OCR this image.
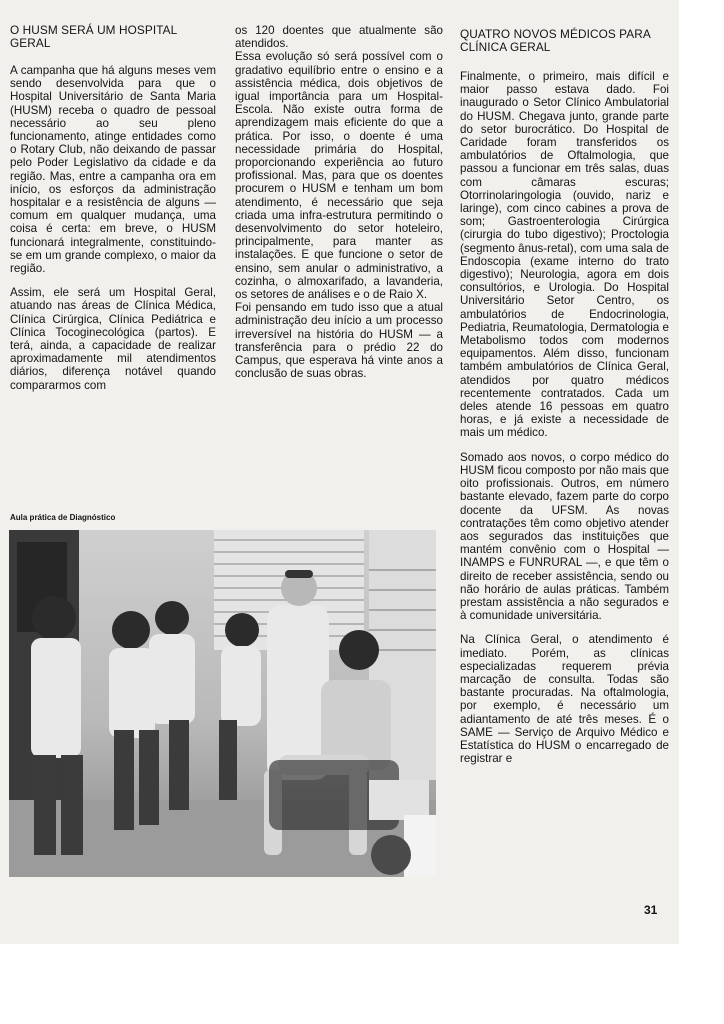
O HUSM SERÁ UM HOSPITAL GERAL

A campanha que há alguns meses vem sendo desenvolvida para que o Hospital Universitário de Santa Maria (HUSM) receba o quadro de pessoal necessário ao seu pleno funcionamento, atinge entidades como o Rotary Club, não deixando de passar pelo Poder Legislativo da cidade e da região. Mas, entre a campanha ora em início, os esforços da administração hospitalar e a resistência de alguns — comum em qualquer mudança, uma coisa é certa: em breve, o HUSM funcionará integralmente, constituindo-se em um grande complexo, o maior da região.

Assim, ele será um Hospital Geral, atuando nas áreas de Clínica Médica, Clínica Cirúrgica, Clínica Pediátrica e Clínica Tocoginecológica (partos). E terá, ainda, a capacidade de realizar aproximadamente mil atendimentos diários, diferença notável quando compararmos com

os 120 doentes que atualmente são atendidos.

Essa evolução só será possível com o gradativo equilíbrio entre o ensino e a assistência médica, dois objetivos de igual importância para um Hospital-Escola. Não existe outra forma de aprendizagem mais eficiente do que a prática. Por isso, o doente é uma necessidade primária do Hospital, proporcionando experiência ao futuro profissional. Mas, para que os doentes procurem o HUSM e tenham um bom atendimento, é necessário que seja criada uma infra-estrutura permitindo o desenvolvimento do setor hoteleiro, principalmente, para manter as instalações. E que funcione o setor de ensino, sem anular o administrativo, a cozinha, o almoxarifado, a lavanderia, os setores de análises e o de Raio X.

Foi pensando em tudo isso que a atual administração deu início a um processo irreversível na história do HUSM — a transferência para o prédio 22 do Campus, que esperava há vinte anos a conclusão de suas obras.

QUATRO NOVOS MÉDICOS PARA CLÍNICA GERAL

Finalmente, o primeiro, mais difícil e maior passo estava dado. Foi inaugurado o Setor Clínico Ambulatorial do HUSM. Chegava junto, grande parte do setor burocrático. Do Hospital de Caridade foram transferidos os ambulatórios de Oftalmologia, que passou a funcionar em três salas, duas com câmaras escuras; Otorrinolaringologia (ouvido, nariz e laringe), com cinco cabines a prova de som; Gastroenterologia Cirúrgica (cirurgia do tubo digestivo); Proctologia (segmento ânus-retal), com uma sala de Endoscopia (exame interno do trato digestivo); Neurologia, agora em dois consultórios, e Urologia. Do Hospital Universitário Setor Centro, os ambulatórios de Endocrinologia, Pediatria, Reumatologia, Dermatologia e Metabolismo todos com modernos equipamentos. Além disso, funcionam também ambulatórios de Clínica Geral, atendidos por quatro médicos recentemente contratados. Cada um deles atende 16 pessoas em quatro horas, e já existe a necessidade de mais um médico.

Somado aos novos, o corpo médico do HUSM ficou composto por não mais que oito profissionais. Outros, em número bastante elevado, fazem parte do corpo docente da UFSM. As novas contratações têm como objetivo atender aos segurados das instituições que mantém convênio com o Hospital — INAMPS e FUNRURAL —, e que têm o direito de receber assistência, sendo ou não horário de aulas práticas. Também prestam assistência a não segurados e à comunidade universitária.

Na Clínica Geral, o atendimento é imediato. Porém, as clínicas especializadas requerem prévia marcação de consulta. Todas são bastante procuradas. Na oftalmologia, por exemplo, é necessário um adiantamento de até três meses. É o SAME — Serviço de Arquivo Médico e Estatística do HUSM o encarregado de registrar e

Aula prática de Diagnóstico
31
